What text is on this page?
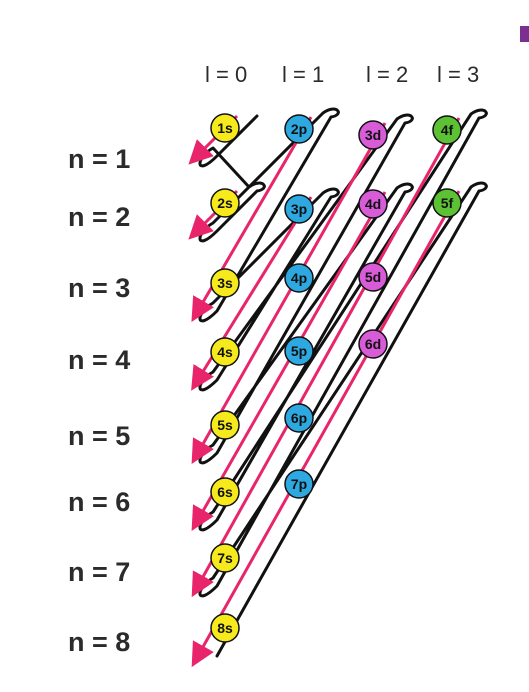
l = 0 l = 1 l = 2 l = 3
n = 1
n = 2
n = 3
n = 4
n = 5
n = 6
n = 7
n = 8
1s
2s
2p
3s
3p
3d
4s
4p
4d
4f
5s
5p
5d
5f
6s
6p
6d
7s
7p
8s
